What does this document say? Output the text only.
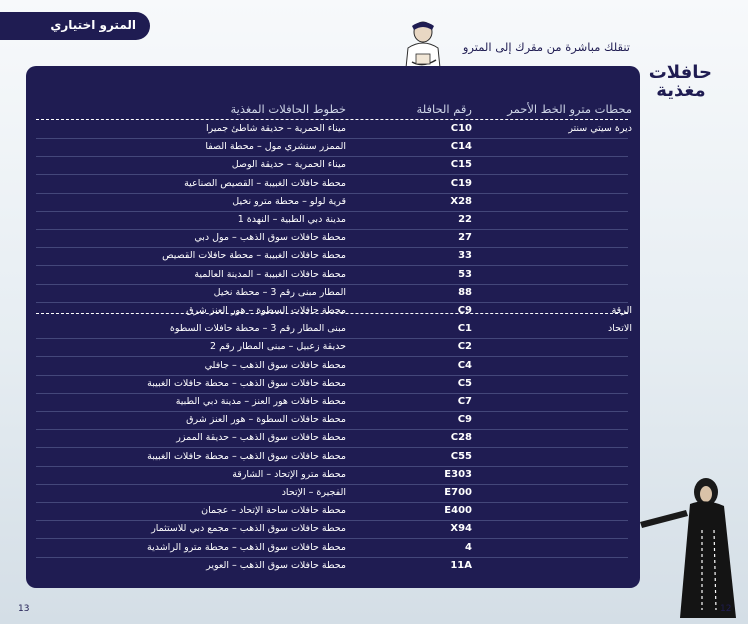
المترو اختياري
تنقلك مباشرة من مقرك إلى المترو
حافلات
مغذية
محطات مترو الخط الأحمر
رقم الحافلة
خطوط الحافلات المغذية
ديرة سيتي سنتر
C10
ميناء الحمرية – حديقة شاطئ جميرا
C14
الممزر سنشري مول – محطة الصفا
C15
ميناء الحمرية – حديقة الوصل
C19
محطة حافلات الغبيبة – القصيص الصناعية
X28
قرية لولو – محطة مترو نخيل
22
مدينة دبي الطبية – النهدة 1
27
محطة حافلات سوق الذهب – مول دبي
33
محطة حافلات الغبيبة – محطة حافلات القصيص
53
محطة حافلات الغبيبة – المدينة العالمية
88
المطار مبنى رقم 3 – محطة نخيل
الرقة
C9
محطة حافلات السطوة – هور العنز شرق
الاتحاد
C1
مبنى المطار رقم 3 – محطة حافلات السطوة
C2
حديقة زعبيل – مبنى المطار رقم 2
C4
محطة حافلات سوق الذهب – جافلي
C5
محطة حافلات سوق الذهب – محطة حافلات الغبيبة
C7
محطة حافلات هور العنز – مدينة دبي الطبية
C9
محطة حافلات السطوة – هور العنز شرق
C28
محطة حافلات سوق الذهب – حديقة الممزر
C55
محطة حافلات سوق الذهب – محطة حافلات الغبيبة
E303
محطة مترو الإتحاد – الشارقة
E700
الفجيرة – الإتحاد
E400
محطة حافلات ساحة الإتحاد – عجمان
X94
محطة حافلات سوق الذهب – مجمع دبي للاستثمار
4
محطة حافلات سوق الذهب – محطة مترو الراشدية
11A
محطة حافلات سوق الذهب – العوير
13	12
